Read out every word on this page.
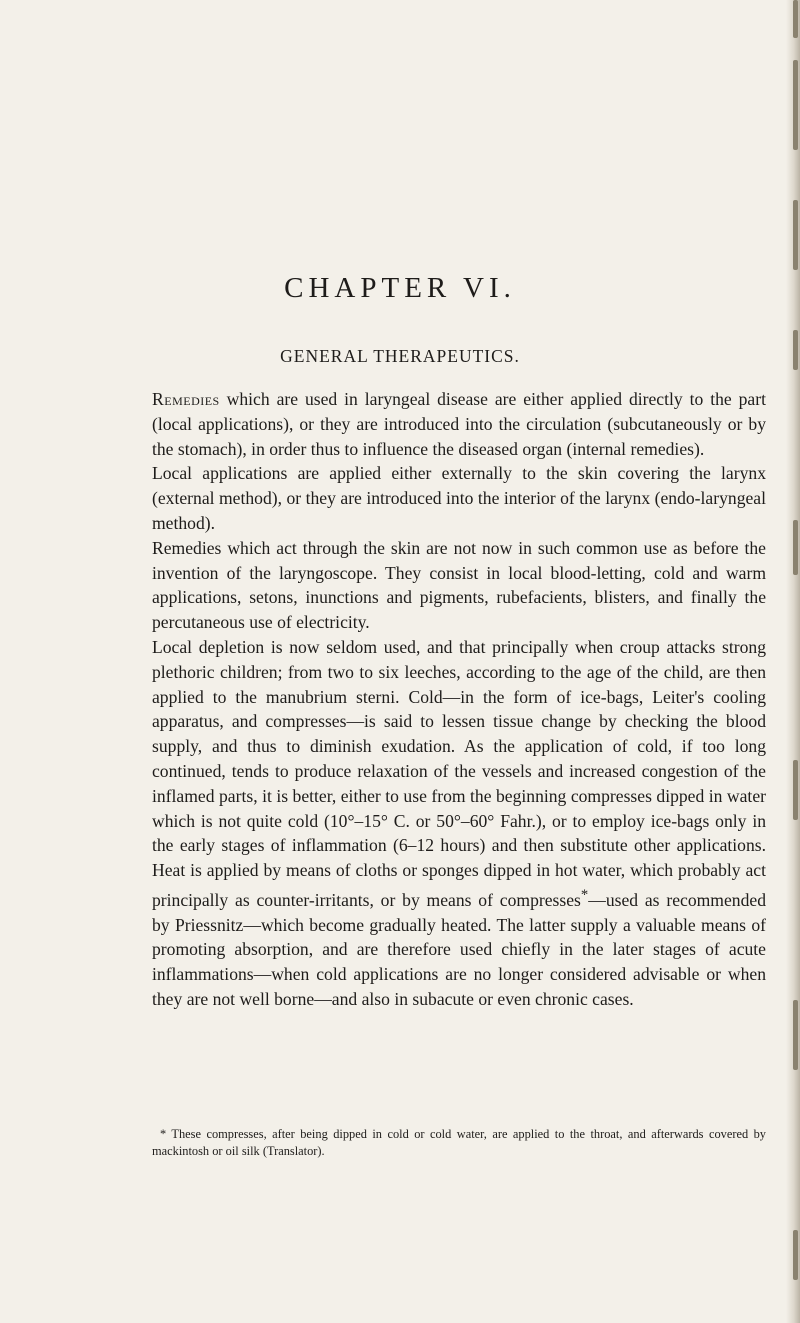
CHAPTER VI.
GENERAL THERAPEUTICS.

Remedies which are used in laryngeal disease are either applied directly to the part (local applications), or they are introduced into the circulation (subcutaneously or by the stomach), in order thus to influence the diseased organ (internal remedies).

Local applications are applied either externally to the skin covering the larynx (external method), or they are introduced into the interior of the larynx (endo-laryngeal method).

Remedies which act through the skin are not now in such common use as before the invention of the laryngoscope. They consist in local blood-letting, cold and warm applications, setons, inunctions and pigments, rubefacients, blisters, and finally the percutaneous use of electricity.

Local depletion is now seldom used, and that principally when croup attacks strong plethoric children; from two to six leeches, according to the age of the child, are then applied to the manubrium sterni. Cold—in the form of ice-bags, Leiter's cooling apparatus, and compresses—is said to lessen tissue change by checking the blood supply, and thus to diminish exudation. As the application of cold, if too long continued, tends to produce relaxation of the vessels and increased congestion of the inflamed parts, it is better, either to use from the beginning compresses dipped in water which is not quite cold (10°–15° C. or 50°–60° Fahr.), or to employ ice-bags only in the early stages of inflammation (6–12 hours) and then substitute other applications. Heat is applied by means of cloths or sponges dipped in hot water, which probably act principally as counter-irritants, or by means of compresses*—used as recommended by Priessnitz—which become gradually heated. The latter supply a valuable means of promoting absorption, and are therefore used chiefly in the later stages of acute inflammations—when cold applications are no longer considered advisable or when they are not well borne—and also in subacute or even chronic cases.

* These compresses, after being dipped in cold or cold water, are applied to the throat, and afterwards covered by mackintosh or oil silk (Translator).
